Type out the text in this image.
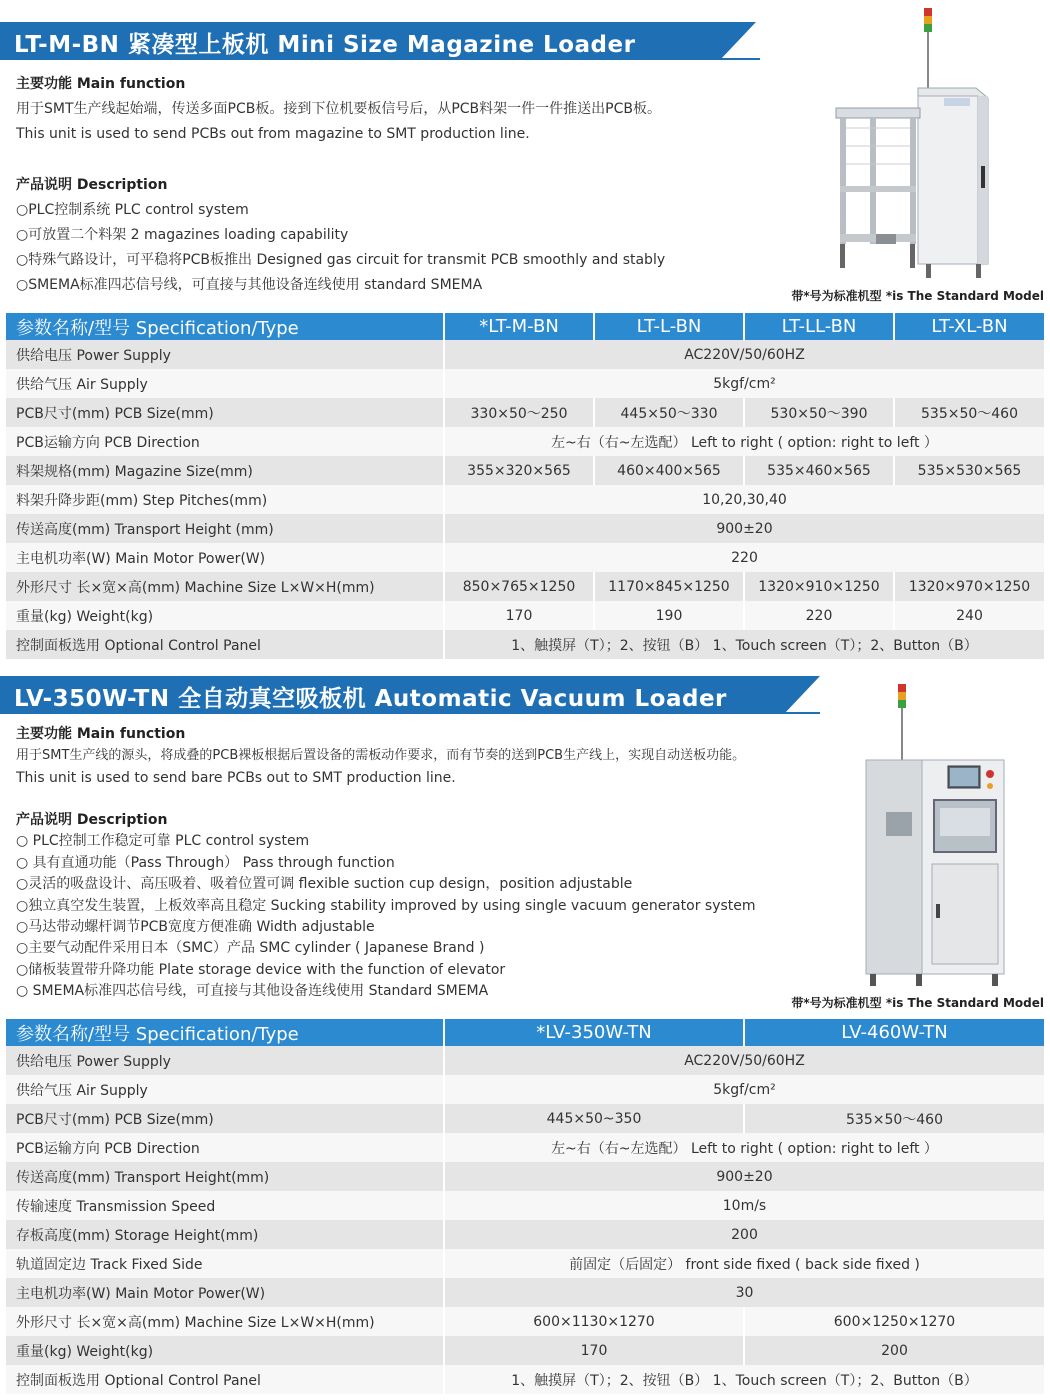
LT-M-BN 紧凑型上板机 Mini Size Magazine Loader
主要功能 Main function
用于SMT生产线起始端，传送多面PCB板。接到下位机要板信号后，从PCB料架一件一件推送出PCB板。
This unit is used to send PCBs out from magazine to SMT production line.
产品说明 Description
○PLC控制系统 PLC control system
○可放置二个料架 2 magazines loading capability
○特殊气路设计，可平稳将PCB板推出 Designed gas circuit for transmit PCB smoothly and stably
○SMEMA标准四芯信号线，可直接与其他设备连线使用 standard SMEMA
带*号为标准机型 *is The Standard Model
参数名称/型号 Specification/Type	*LT-M-BN	LT-L-BN	LT-LL-BN	LT-XL-BN
供给电压 Power Supply	AC220V/50/60HZ			
供给气压 Air Supply	5kgf/cm²			
PCB尺寸(mm) PCB Size(mm)	330×50～250	445×50～330	530×50～390	535×50～460
PCB运输方向 PCB Direction	左~右（右~左选配） Left to right ( option: right to left ）			
料架规格(mm) Magazine Size(mm)	355×320×565	460×400×565	535×460×565	535×530×565
料架升降步距(mm) Step Pitches(mm)	10,20,30,40			
传送高度(mm) Transport Height (mm)	900±20			
主电机功率(W) Main Motor Power(W)	220			
外形尺寸 长×宽×高(mm) Machine Size L×W×H(mm)	850×765×1250	1170×845×1250	1320×910×1250	1320×970×1250
重量(kg) Weight(kg)	170	190	220	240
控制面板选用 Optional Control Panel	1、触摸屏（T）；2、按钮（B） 1、Touch screen（T）；2、Button（B）			
LV-350W-TN 全自动真空吸板机 Automatic Vacuum Loader
主要功能 Main function
用于SMT生产线的源头，将成叠的PCB裸板根据后置设备的需板动作要求，而有节奏的送到PCB生产线上，实现自动送板功能。
This unit is used to send bare PCBs out to SMT production line.
产品说明 Description
○ PLC控制工作稳定可靠 PLC control system
○ 具有直通功能（Pass Through） Pass through function
○灵活的吸盘设计、高压吸着、吸着位置可调 flexible suction cup design，position adjustable
○独立真空发生装置，上板效率高且稳定 Sucking stability improved by using single vacuum generator system
○马达带动螺杆调节PCB宽度方便准确 Width adjustable
○主要气动配件采用日本（SMC）产品 SMC cylinder ( Japanese Brand )
○储板装置带升降功能 Plate storage device with the function of elevator
○ SMEMA标准四芯信号线，可直接与其他设备连线使用 Standard SMEMA
带*号为标准机型 *is The Standard Model
参数名称/型号 Specification/Type	*LV-350W-TN	LV-460W-TN
供给电压 Power Supply	AC220V/50/60HZ	
供给气压 Air Supply	5kgf/cm²	
PCB尺寸(mm) PCB Size(mm)	445×50~350	535×50～460
PCB运输方向 PCB Direction	左~右（右~左选配） Left to right ( option: right to left ）	
传送高度(mm) Transport Height(mm)	900±20	
传输速度 Transmission Speed	10m/s	
存板高度(mm) Storage Height(mm)	200	
轨道固定边 Track Fixed Side	前固定（后固定） front side fixed ( back side fixed )	
主电机功率(W) Main Motor Power(W)	30	
外形尺寸 长×宽×高(mm) Machine Size L×W×H(mm)	600×1130×1270	600×1250×1270
重量(kg) Weight(kg)	170	200
控制面板选用 Optional Control Panel	1、触摸屏（T）；2、按钮（B） 1、Touch screen（T）；2、Button（B）	
